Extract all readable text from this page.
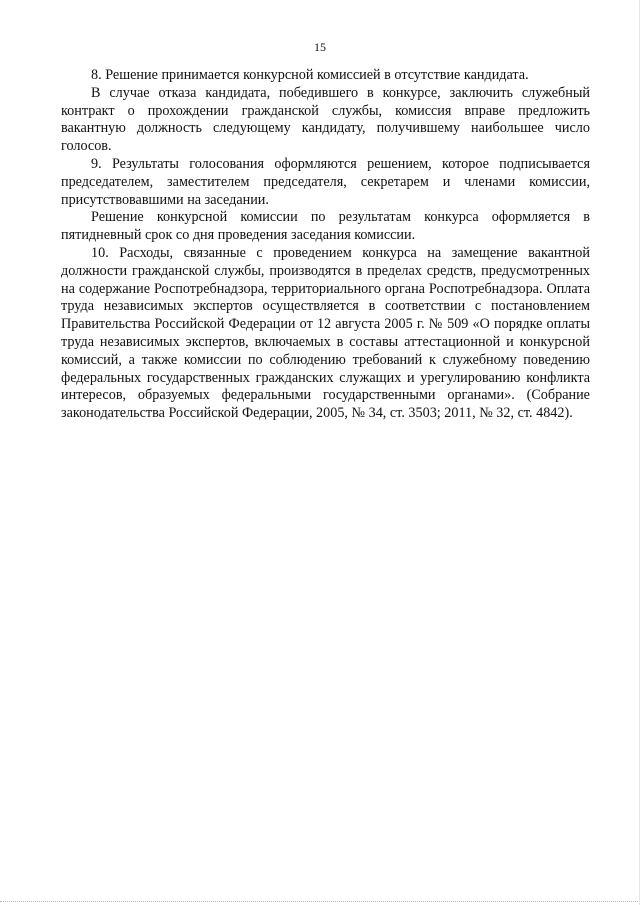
15

8. Решение принимается конкурсной комиссией в отсутствие кандидата.

В случае отказа кандидата, победившего в конкурсе, заключить служебный контракт о прохождении гражданской службы, комиссия вправе предложить вакантную должность следующему кандидату, получившему наибольшее число голосов.

9. Результаты голосования оформляются решением, которое подписывается председателем, заместителем председателя, секретарем и членами комиссии, присутствовавшими на заседании.

Решение конкурсной комиссии по результатам конкурса оформляется в пятидневный срок со дня проведения заседания комиссии.

10. Расходы, связанные с проведением конкурса на замещение вакантной должности гражданской службы, производятся в пределах средств, предусмотренных на содержание Роспотребнадзора, территориального органа Роспотребнадзора. Оплата труда независимых экспертов осуществляется в соответствии с постановлением Правительства Российской Федерации от 12 августа 2005 г. № 509 «О порядке оплаты труда независимых экспертов, включаемых в составы аттестационной и конкурсной комиссий, а также комиссии по соблюдению требований к служебному поведению федеральных государственных гражданских служащих и урегулированию конфликта интересов, образуемых федеральными государственными органами». (Собрание законодательства Российской Федерации, 2005, № 34, ст. 3503; 2011, № 32, ст. 4842).
